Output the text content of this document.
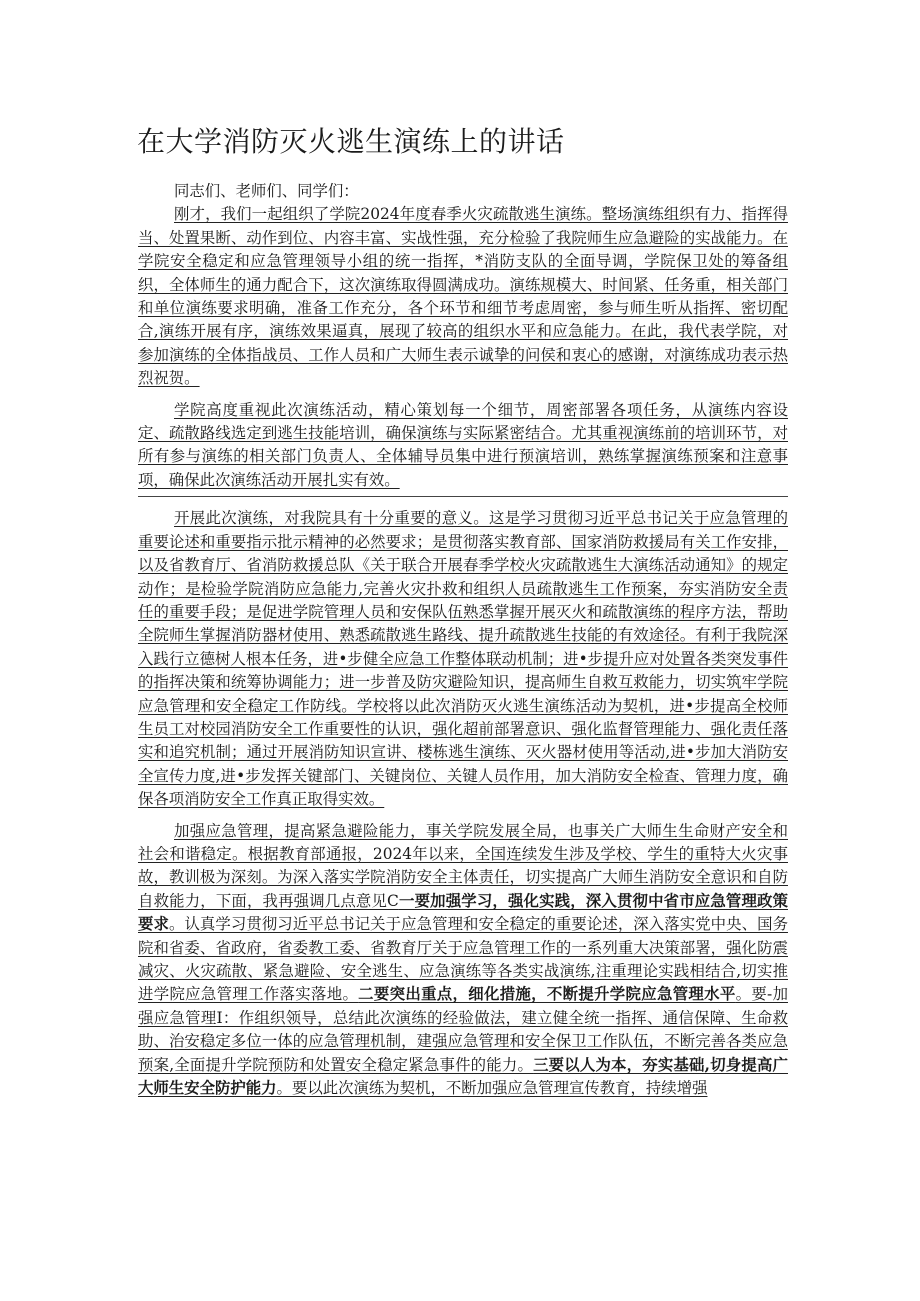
在大学消防灭火逃生演练上的讲话

同志们、老师们、同学们：

刚才，我们一起组织了学院2024年度春季火灾疏散逃生演练。整场演练组织有力、指挥得当、处置果断、动作到位、内容丰富、实战性强，充分检验了我院师生应急避险的实战能力。在学院安全稳定和应急管理领导小组的统一指挥，*消防支队的全面导调，学院保卫处的筹备组织，全体师生的通力配合下，这次演练取得圆满成功。演练规模大、时间紧、任务重，相关部门和单位演练要求明确，准备工作充分，各个环节和细节考虑周密，参与师生听从指挥、密切配合,演练开展有序，演练效果逼真，展现了较高的组织水平和应急能力。在此，我代表学院，对参加演练的全体指战员、工作人员和广大师生表示诚挚的问侯和衷心的感谢，对演练成功表示热烈祝贺。

学院高度重视此次演练活动，精心策划每一个细节，周密部署各项任务，从演练内容设定、疏散路线选定到逃生技能培训，确保演练与实际紧密结合。尤其重视演练前的培训环节，对所有参与演练的相关部门负责人、全体辅导员集中进行预演培训，熟练掌握演练预案和注意事项，确保此次演练活动开展扎实有效。

开展此次演练，对我院具有十分重要的意义。这是学习贯彻习近平总书记关于应急管理的重要论述和重要指示批示精神的必然要求；是贯彻落实教育部、国家消防救援局有关工作安排，以及省教育厅、省消防救援总队《关于联合开展春季学校火灾疏散逃生大演练活动通知》的规定动作；是检验学院消防应急能力,完善火灾扑救和组织人员疏散逃生工作预案，夯实消防安全责任的重要手段；是促进学院管理人员和安保队伍熟悉掌握开展灭火和疏散演练的程序方法，帮助全院师生掌握消防器材使用、熟悉疏散逃生路线、提升疏散逃生技能的有效途径。有利于我院深入践行立德树人根本任务，进•步健全应急工作整体联动机制；进•步提升应对处置各类突发事件的指挥决策和统筹协调能力；进一步普及防灾避险知识，提高师生自救互救能力，切实筑牢学院应急管理和安全稳定工作防线。学校将以此次消防灭火逃生演练活动为契机，进•步提高全校师生员工对校园消防安全工作重要性的认识，强化超前部署意识、强化监督管理能力、强化责任落实和追究机制；通过开展消防知识宣讲、楼栋逃生演练、灭火器材使用等活动,进•步加大消防安全宣传力度,进•步发挥关键部门、关键岗位、关键人员作用，加大消防安全检查、管理力度，确保各项消防安全工作真正取得实效。

加强应急管理，提高紧急避险能力，事关学院发展全局，也事关广大师生生命财产安全和社会和谐稳定。根据教育部通报，2024年以来，全国连续发生涉及学校、学生的重特大火灾事故，教训极为深刻。为深入落实学院消防安全主体责任，切实提高广大师生消防安全意识和自防自救能力，下面，我再强调几点意见C一要加强学习，强化实践，深入贯彻中省市应急管理政策要求。认真学习贯彻习近平总书记关于应急管理和安全稳定的重要论述，深入落实党中央、国务院和省委、省政府，省委教工委、省教育厅关于应急管理工作的一系列重大决策部署，强化防震减灾、火灾疏散、紧急避险、安全逃生、应急演练等各类实战演练,注重理论实践相结合,切实推进学院应急管理工作落实落地。二要突出重点，细化措施，不断提升学院应急管理水平。要-加强应急管理I：作组织领导，总结此次演练的经验做法，建立健全统一指挥、通信保障、生命救助、治安稳定多位一体的应急管理机制，建强应急管理和安全保卫工作队伍，不断完善各类应急预案,全面提升学院预防和处置安全稳定紧急事件的能力。三要以人为本，夯实基础,切身提高广大师生安全防护能力。要以此次演练为契机，不断加强应急管理宣传教育，持续增强
